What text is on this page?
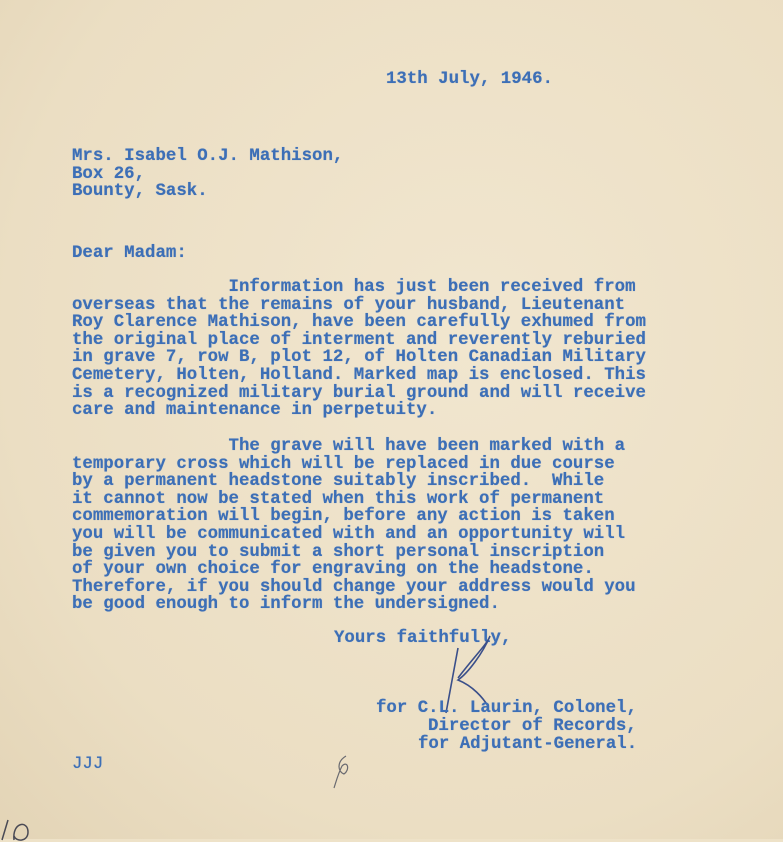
13th July, 1946.
Mrs. Isabel O.J. Mathison,
Box 26,
Bounty, Sask.
Dear Madam:
Information has just been received from
overseas that the remains of your husband, Lieutenant
Roy Clarence Mathison, have been carefully exhumed from
the original place of interment and reverently reburied
in grave 7, row B, plot 12, of Holten Canadian Military
Cemetery, Holten, Holland. Marked map is enclosed. This
is a recognized military burial ground and will receive
care and maintenance in perpetuity.
The grave will have been marked with a
temporary cross which will be replaced in due course
by a permanent headstone suitably inscribed.  While
it cannot now be stated when this work of permanent
commemoration will begin, before any action is taken
you will be communicated with and an opportunity will
be given you to submit a short personal inscription
of your own choice for engraving on the headstone.
Therefore, if you should change your address would you
be good enough to inform the undersigned.
Yours faithfully,
for C.L. Laurin, Colonel,
Director of Records,
for Adjutant-General.
JJJ
